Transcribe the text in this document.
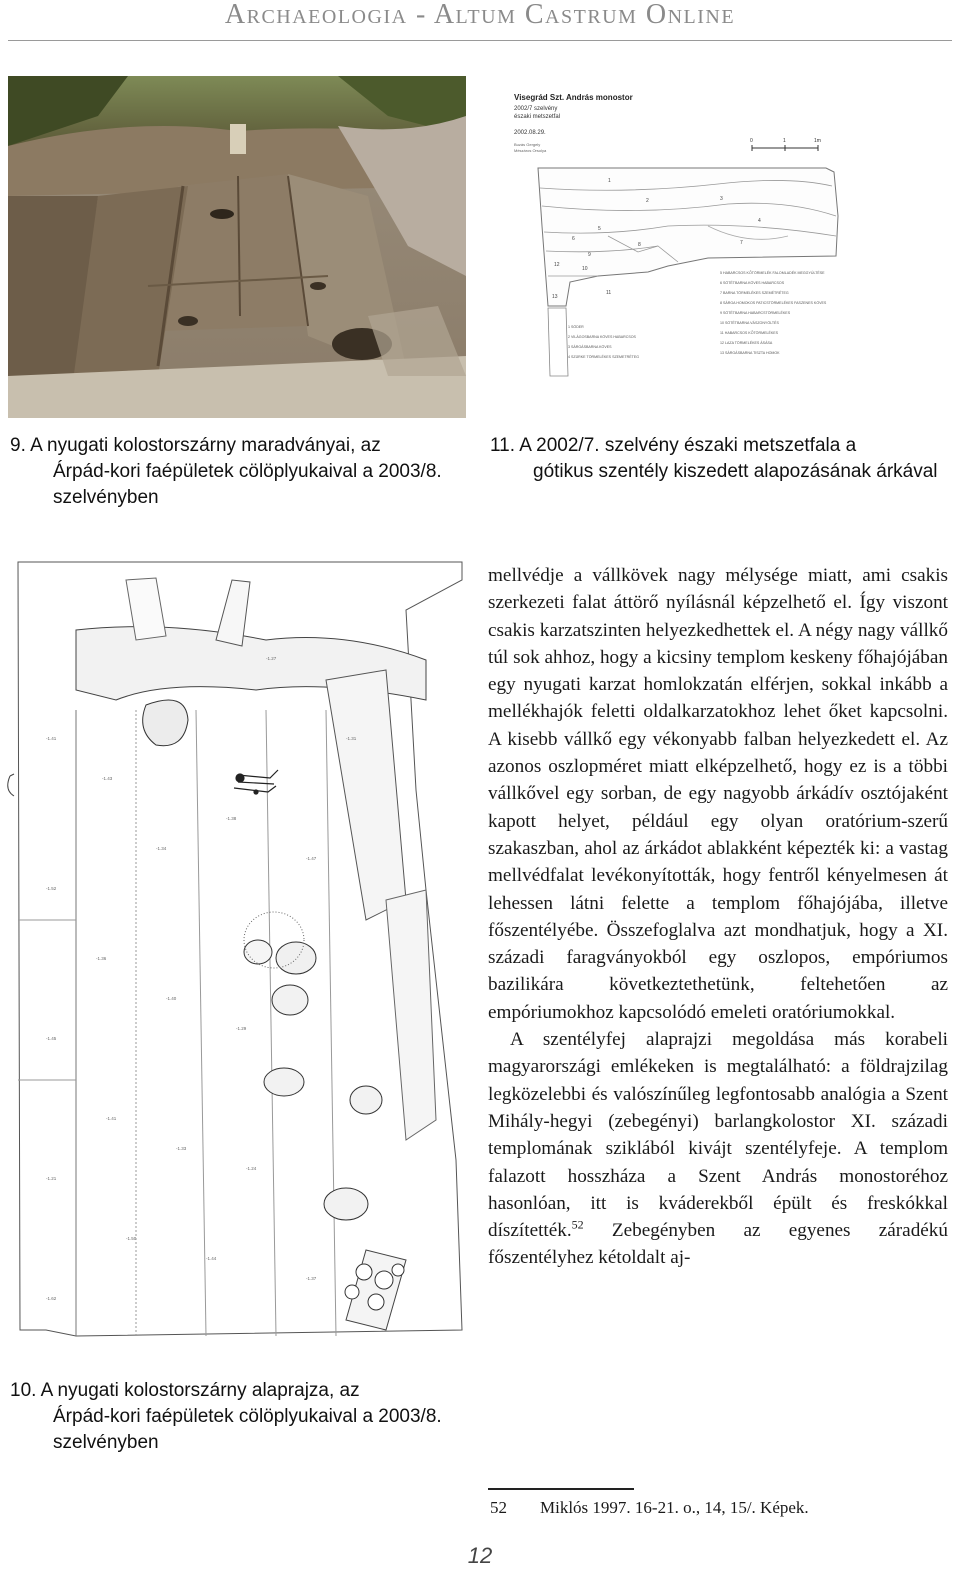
Archaeologia - Altum Castrum Online
Visegrád Szt. András monostor
2002/7 szelvény
északi metszetfal
2002.08.29.
Buzás Gergely
Mészáros Orsolya
0	1	1m
1
2	3
4
5
6
7
8
9
10
11
12
13
5 HABARCSOS KŐTÖRMELÉK FALOMLADÉK MEGGYÚLTÉSE
6 SÖTÉTBARNA KÖVES HABARCSOS
7 BARNA TÖRMELÉKES SZEMÉTRÉTEG
8 SÁRGA HOMOKOS PATICSTÖRMELÉKES FASZENES KÖVES
9 SÖTÉTBARNA HABARCSTÖRMELÉKES
10 SÖTÉTBARNA VÁSZONYÖLTÉS
11 HABARCSOS KŐTÖRMELÉKES
12 LAZA TÖRMELÉKES ÁSÁSA
13 SÁRGÁSBARNA TISZTA HOMOK
1 SÖDER
2 VILÁGOSBARNA KÖVES HABARCSOS
3 SÁRGÁSBARNA KÖVES
4 SZÜRKE TÖRMELÉKES SZEMETRÉTEG
9. A nyugati kolostorszárny maradványai, az
Árpád-kori faépületek cölöplyukaival a 2003/8. szelvényben
11. A 2002/7. szelvény északi metszetfala a
gótikus szentély kiszedett alapozásának árkával
-1.41
-1.43
-1.34
-1.38
-1.47
-1.52
-1.36
-1.40
-1.29
-1.45
-1.41
-1.33
-1.24
-1.21
-1.50
-1.44
-1.37
-1.62
-1.27
-1.31
10. A nyugati kolostorszárny alaprajza, az
Árpád-kori faépületek cölöplyukaival a 2003/8. szelvényben

mellvédje a vállkövek nagy mélysége miatt, ami csakis szerkezeti falat áttörő nyílásnál képzelhető el. Így viszont csakis karzatszinten helyezkedhettek el. A négy nagy vállkő túl sok ahhoz, hogy a kicsiny templom keskeny főhajójában egy nyugati karzat homlokzatán elférjen, sokkal inkább a mellékhajók feletti oldalkarzatokhoz lehet őket kapcsolni. A kisebb vállkő egy vékonyabb falban helyezkedett el. Az azonos oszlopméret miatt elképzelhető, hogy ez is a többi vállkővel egy sorban, de egy nagyobb árkádív osztójaként kapott helyet, például egy olyan oratórium-szerű szakaszban, ahol az árkádot ablakként képezték ki: a vastag mellvédfalat levékonyították, hogy fentről kényelmesen át lehessen látni felette a templom főhajójába, illetve főszentélyébe. Összefoglalva azt mondhatjuk, hogy a XI. századi faragványokból egy oszlopos, empóriumos bazilikára következtethetünk, feltehetően az empóriumokhoz kapcsolódó emeleti oratóriumokkal.

A szentélyfej alaprajzi megoldása más korabeli magyarországi emlékeken is megtalálható: a földrajzilag legközelebbi és valószínűleg legfontosabb analógia a Szent Mihály-hegyi (zebegényi) barlangkolostor XI. századi templomának sziklából kivájt szentélyfeje. A templom falazott hosszháza a Szent András monostoréhoz hasonlóan, itt is kváderekből épült és freskókkal díszítették.$^{52}$ Zebegényben az egyenes záradékú főszentélyhez kétoldalt aj-

52 Miklós 1997. 16-21. o., 14, 15/. Képek.
12
